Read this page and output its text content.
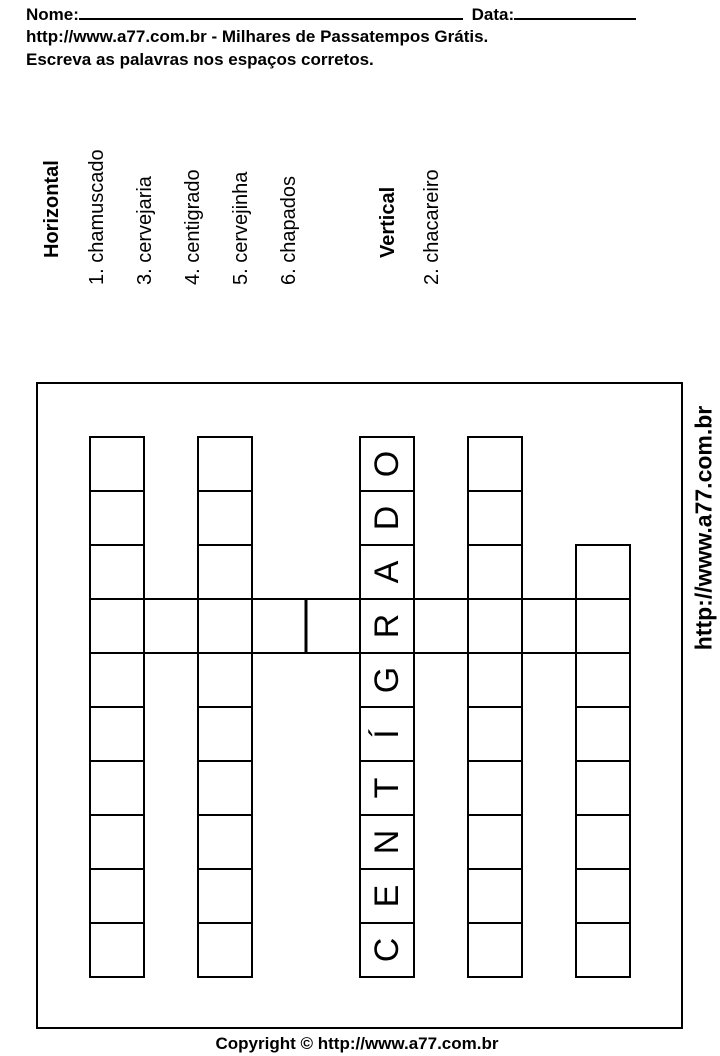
Nome:	Data:
http://www.a77.com.br - Milhares de Passatempos Grátis.
Escreva as palavras nos espaços corretos.
Horizontal 1. chamuscado 3. cervejaria 4. centigrado 5. cervejinha 6. chapados	Vertical 2. chacareiro
C
E
N
T
Í
G
R
A
D
O	http://www.a77.com.br
Copyright © http://www.a77.com.br
